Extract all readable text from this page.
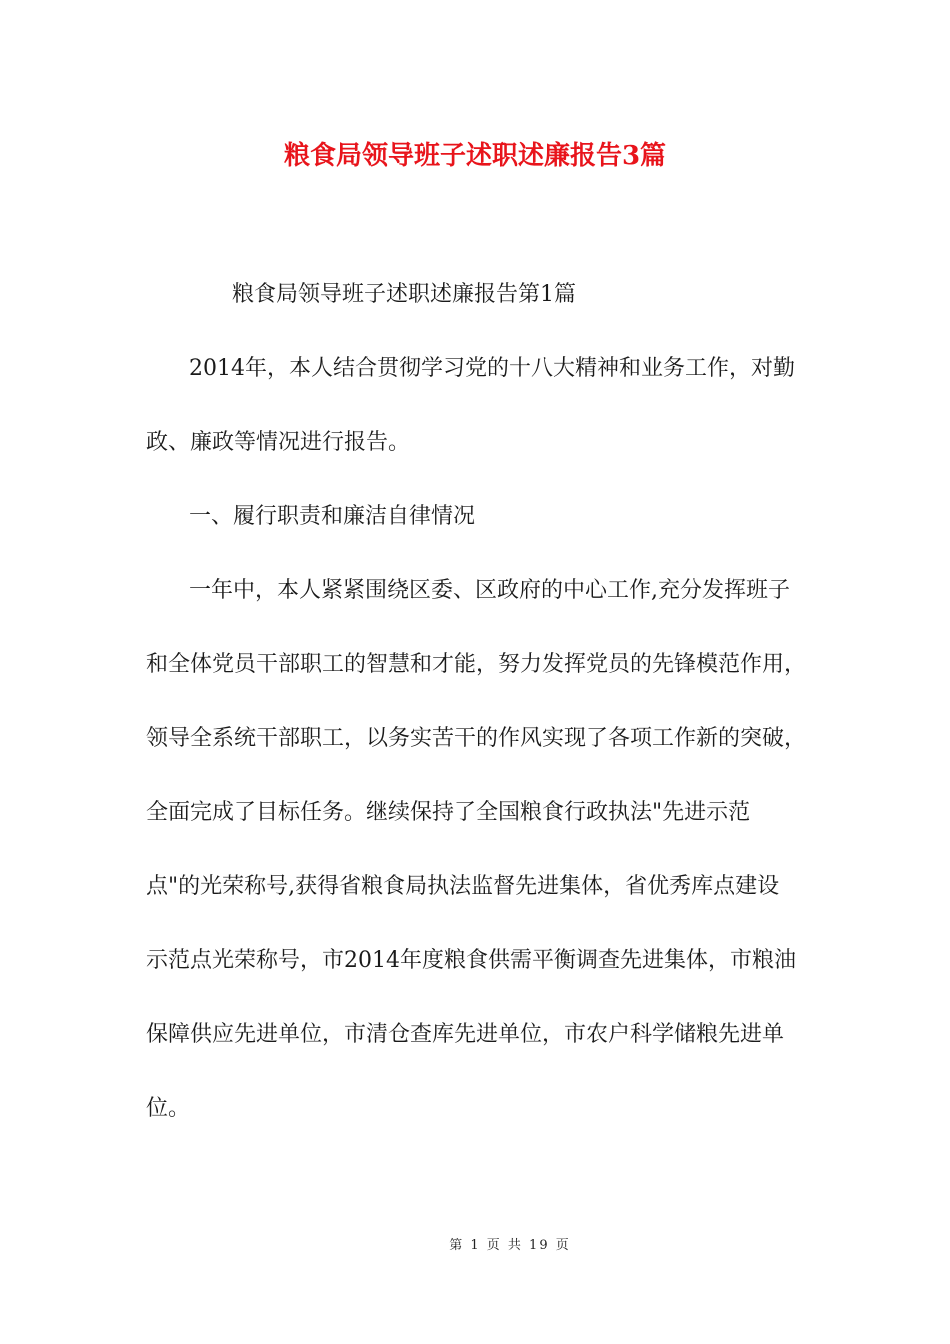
粮食局领导班子述职述廉报告3篇
粮食局领导班子述职述廉报告第1篇
2014年，本人结合贯彻学习党的十八大精神和业务工作，对勤
政、廉政等情况进行报告。
一、履行职责和廉洁自律情况
一年中，本人紧紧围绕区委、区政府的中心工作,充分发挥班子
和全体党员干部职工的智慧和才能，努力发挥党员的先锋模范作用，
领导全系统干部职工，以务实苦干的作风实现了各项工作新的突破，
全面完成了目标任务。继续保持了全国粮食行政执法"先进示范
点"的光荣称号,获得省粮食局执法监督先进集体，省优秀库点建设
示范点光荣称号，市2014年度粮食供需平衡调查先进集体，市粮油
保障供应先进单位，市清仓查库先进单位，市农户科学储粮先进单
位。
第 1 页 共 19 页
